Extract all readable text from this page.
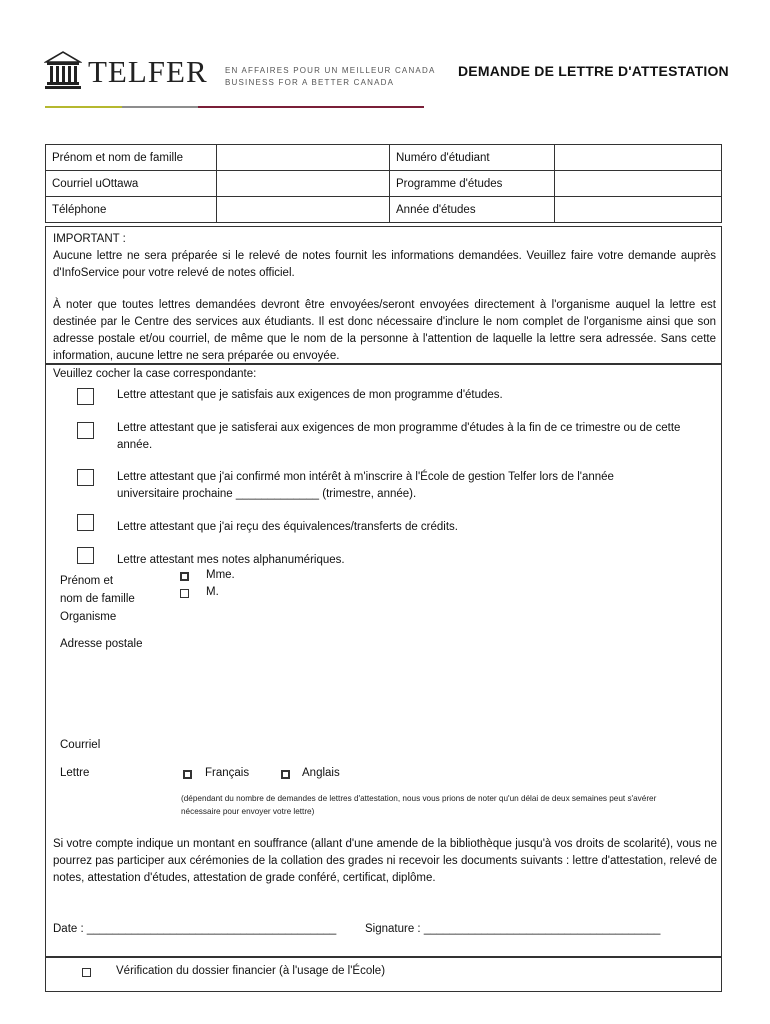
TELFER EN AFFAIRES POUR UN MEILLEUR CANADA
BUSINESS FOR A BETTER CANADA
DEMANDE DE LETTRE D'ATTESTATION
Prénom et nom de famille		Numéro d'étudiant	
Courriel uOttawa		Programme d'études	
Téléphone		Année d'études	
IMPORTANT :
Aucune lettre ne sera préparée si le relevé de notes fournit les informations demandées. Veuillez faire votre demande auprès d'InfoService pour votre relevé de notes officiel.
À noter que toutes lettres demandées devront être envoyées/seront envoyées directement à l'organisme auquel la lettre est destinée par le Centre des services aux étudiants. Il est donc nécessaire d'inclure le nom complet de l'organisme ainsi que son adresse postale et/ou courriel, de même que le nom de la personne à l'attention de laquelle la lettre sera adressée. Sans cette information, aucune lettre ne sera préparée ou envoyée.
Veuillez cocher la case correspondante:
Lettre attestant que je satisfais aux exigences de mon programme d'études.
Lettre attestant que je satisferai aux exigences de mon programme d'études à la fin de ce trimestre ou de cette année.
Lettre attestant que j'ai confirmé mon intérêt à m'inscrire à l'École de gestion Telfer lors de l'année universitaire prochaine _____________ (trimestre, année).
Lettre attestant que j'ai reçu des équivalences/transferts de crédits.
Lettre attestant mes notes alphanumériques.
Prénom et
nom de famille
Organisme
Mme.
M.
Adresse postale
Courriel
Lettre	Français	Anglais
(dépendant du nombre de demandes de lettres d'attestation, nous vous prions de noter qu'un délai de deux semaines peut s'avérer nécessaire pour envoyer votre lettre)
Si votre compte indique un montant en souffrance (allant d'une amende de la bibliothèque jusqu'à vos droits de scolarité), vous ne pourrez pas participer aux cérémonies de la collation des grades ni recevoir les documents suivants : lettre d'attestation, relevé de notes, attestation d'études, attestation de grade conféré, certificat, diplôme.
Date : _______________________________________ Signature : _____________________________________
Vérification du dossier financier (à l'usage de l'École)
